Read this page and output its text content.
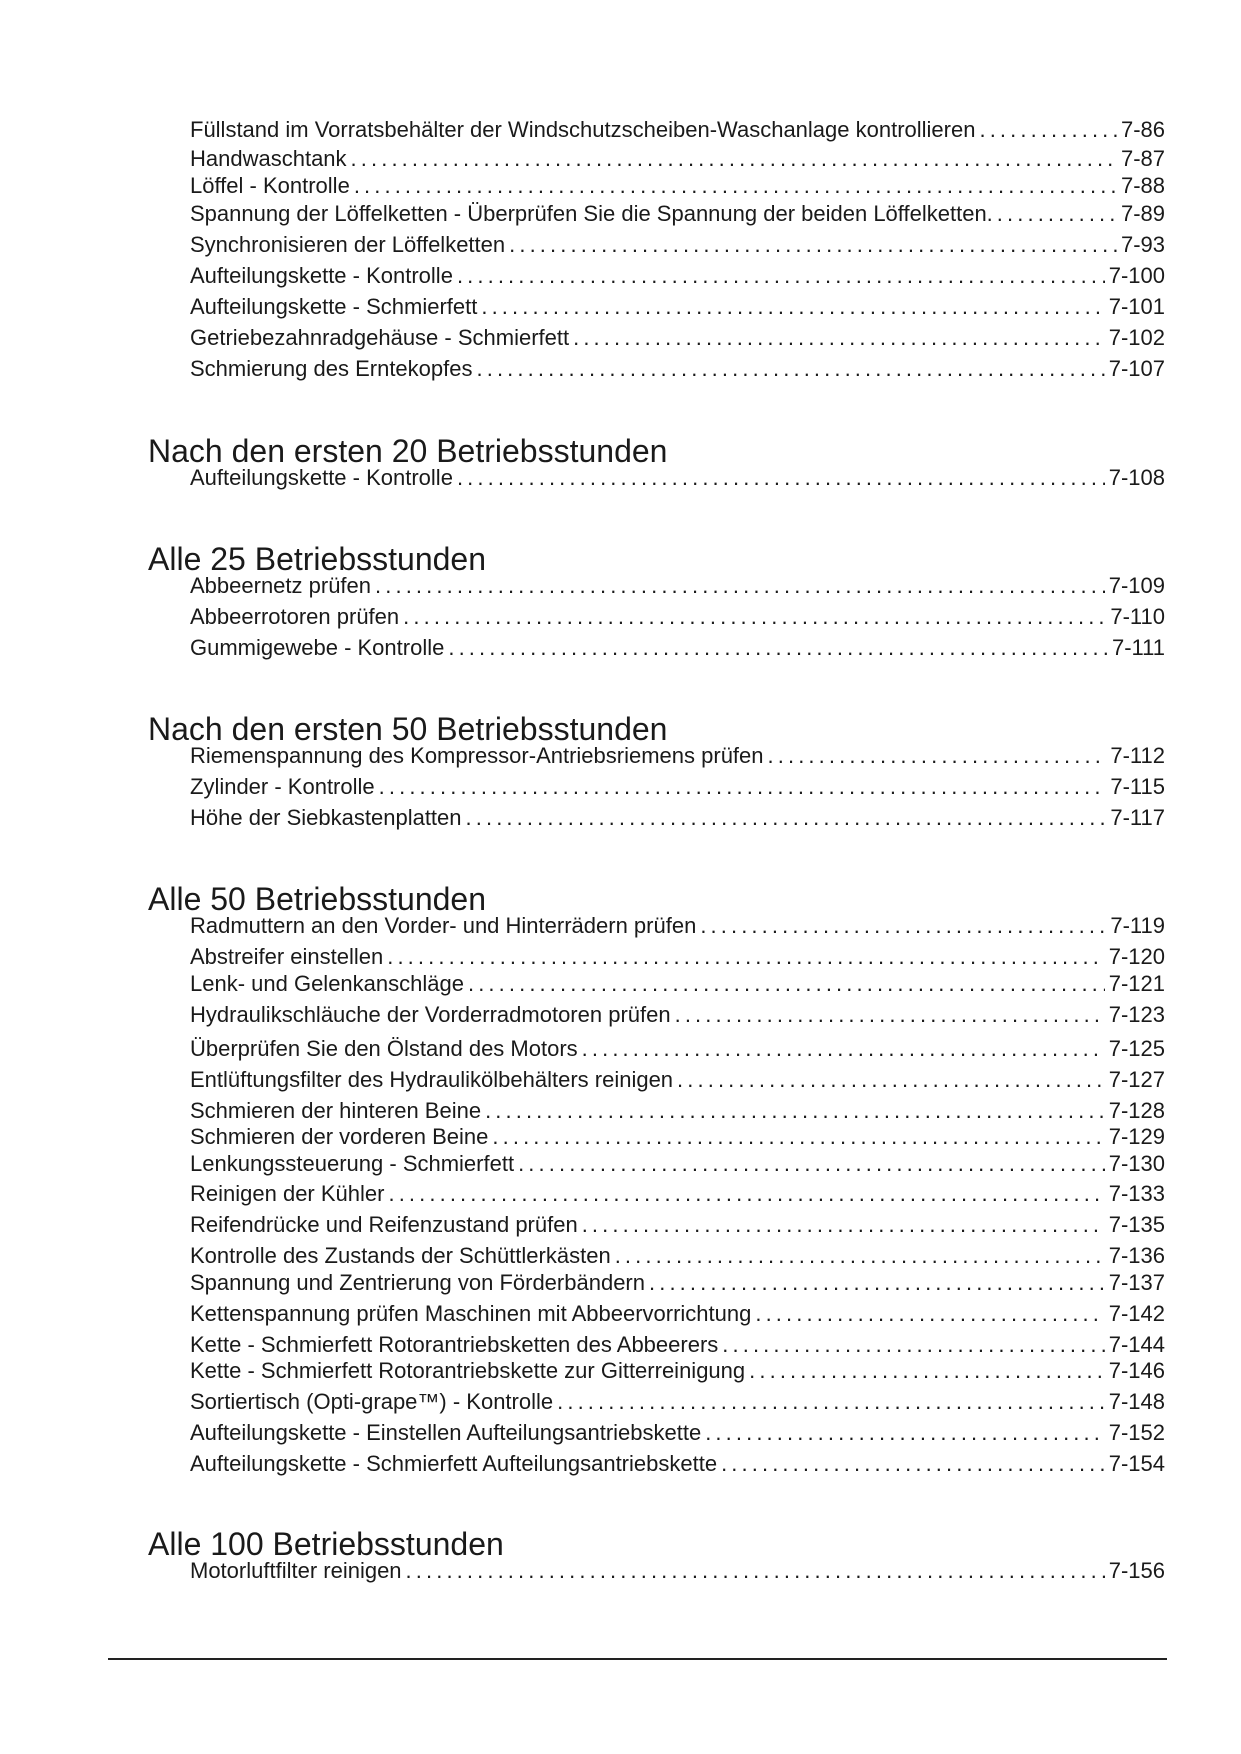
Füllstand im Vorratsbehälter der Windschutzscheiben-Waschanlage kontrollieren . . .	7-86
Handwaschtank . . .	7-87
Löffel - Kontrolle . . .	7-88
Spannung der Löffelketten - Überprüfen Sie die Spannung der beiden Löffelketten. . . .	7-89
Synchronisieren der Löffelketten . . .	7-93
Aufteilungskette - Kontrolle . . .	7-100
Aufteilungskette - Schmierfett . . .	7-101
Getriebezahnradgehäuse - Schmierfett . . .	7-102
Schmierung des Erntekopfes . . .	7-107
Nach den ersten 20 Betriebsstunden
Aufteilungskette - Kontrolle . . .	7-108
Alle 25 Betriebsstunden
Abbeernetz prüfen . . .	7-109
Abbeerrotoren prüfen . . .	7-110
Gummigewebe - Kontrolle . . .	7-111
Nach den ersten 50 Betriebsstunden
Riemenspannung des Kompressor-Antriebsriemens prüfen . . .	7-112
Zylinder - Kontrolle . . .	7-115
Höhe der Siebkastenplatten . . .	7-117
Alle 50 Betriebsstunden
Radmuttern an den Vorder- und Hinterrädern prüfen . . .	7-119
Abstreifer einstellen . . .	7-120
Lenk- und Gelenkanschläge . . .	7-121
Hydraulikschläuche der Vorderradmotoren prüfen . . .	7-123
Überprüfen Sie den Ölstand des Motors . . .	7-125
Entlüftungsfilter des Hydraulikölbehälters reinigen . . .	7-127
Schmieren der hinteren Beine . . .	7-128
Schmieren der vorderen Beine . . .	7-129
Lenkungssteuerung - Schmierfett . . .	7-130
Reinigen der Kühler . . .	7-133
Reifendrücke und Reifenzustand prüfen . . .	7-135
Kontrolle des Zustands der Schüttlerkästen . . .	7-136
Spannung und Zentrierung von Förderbändern . . .	7-137
Kettenspannung prüfen Maschinen mit Abbeervorrichtung . . .	7-142
Kette - Schmierfett Rotorantriebsketten des Abbeerers . . .	7-144
Kette - Schmierfett Rotorantriebskette zur Gitterreinigung . . .	7-146
Sortiertisch (Opti-grape™) - Kontrolle . . .	7-148
Aufteilungskette - Einstellen Aufteilungsantriebskette . . .	7-152
Aufteilungskette - Schmierfett Aufteilungsantriebskette . . .	7-154
Alle 100 Betriebsstunden
Motorluftfilter reinigen . . .	7-156
